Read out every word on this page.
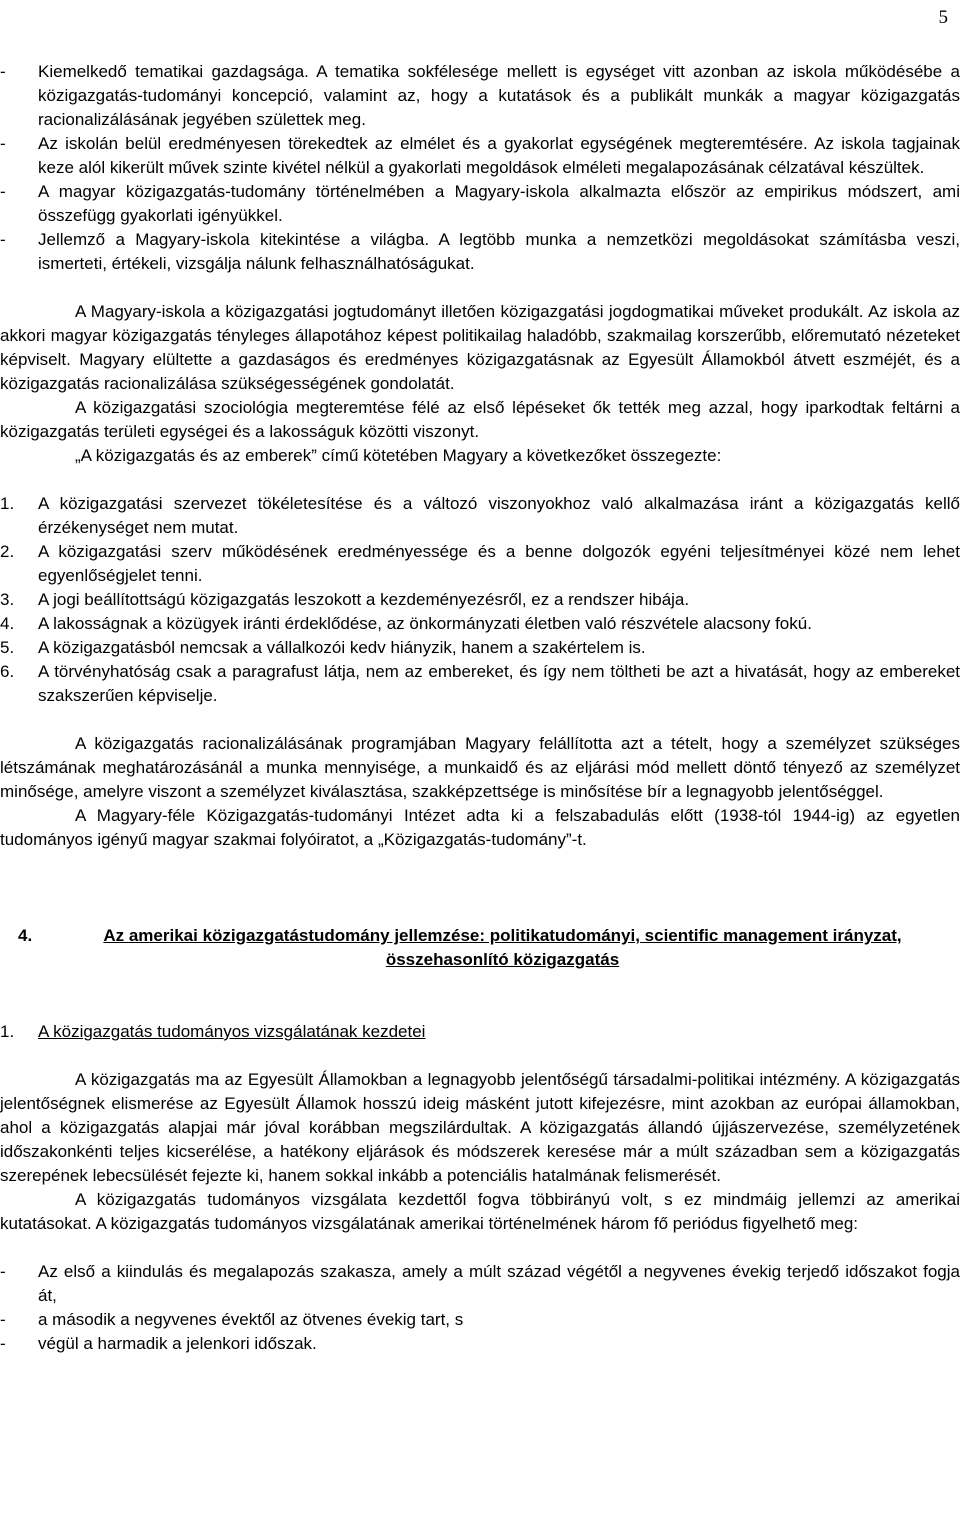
5
-	Kiemelkedő tematikai gazdagsága. A tematika sokfélesége mellett is egységet vitt azonban az iskola működésébe a közigazgatás-tudományi koncepció, valamint az, hogy a kutatások és a publikált munkák a magyar közigazgatás racionalizálásának jegyében születtek meg.
-	Az iskolán belül eredményesen törekedtek az elmélet és a gyakorlat egységének megteremtésére. Az iskola tagjainak keze alól kikerült művek szinte kivétel nélkül a gyakorlati megoldások elméleti megalapozásának célzatával készültek.
-	A magyar közigazgatás-tudomány történelmében a Magyary-iskola alkalmazta először az empirikus módszert, ami összefügg gyakorlati igényükkel.
-	Jellemző a Magyary-iskola kitekintése a világba. A legtöbb munka a nemzetközi megoldásokat számításba veszi, ismerteti, értékeli, vizsgálja nálunk felhasználhatóságukat.

A Magyary-iskola a közigazgatási jogtudományt illetően közigazgatási jogdogmatikai műveket produkált. Az iskola az akkori magyar közigazgatás tényleges állapotához képest politikailag haladóbb, szakmailag korszerűbb, előremutató nézeteket képviselt. Magyary elültette a gazdaságos és eredményes közigazgatásnak az Egyesült Államokból átvett eszméjét, és a közigazgatás racionalizálása szükségességének gondolatát.

A közigazgatási szociológia megteremtése félé az első lépéseket ők tették meg azzal, hogy iparkodtak feltárni a közigazgatás területi egységei és a lakosságuk közötti viszonyt.

„A közigazgatás és az emberek” című kötetében Magyary a következőket összegezte:

1.	A közigazgatási szervezet tökéletesítése és a változó viszonyokhoz való alkalmazása iránt a közigazgatás kellő érzékenységet nem mutat.
2.	A közigazgatási szerv működésének eredményessége és a benne dolgozók egyéni teljesítményei közé nem lehet egyenlőségjelet tenni.
3.	A jogi beállítottságú közigazgatás leszokott a kezdeményezésről, ez a rendszer hibája.
4.	A lakosságnak a közügyek iránti érdeklődése, az önkormányzati életben való részvétele alacsony fokú.
5.	A közigazgatásból nemcsak a vállalkozói kedv hiányzik, hanem a szakértelem is.
6.	A törvényhatóság csak a paragrafust látja, nem az embereket, és így nem töltheti be azt a hivatását, hogy az embereket szakszerűen képviselje.

A közigazgatás racionalizálásának programjában Magyary felállította azt a tételt, hogy a személyzet szükséges létszámának meghatározásánál a munka mennyisége, a munkaidő és az eljárási mód mellett döntő tényező az személyzet minősége, amelyre viszont a személyzet kiválasztása, szakképzettsége is minősítése bír a legnagyobb jelentőséggel.

A Magyary-féle Közigazgatás-tudományi Intézet adta ki a felszabadulás előtt (1938-tól 1944-ig) az egyetlen tudományos igényű magyar szakmai folyóiratot, a „Közigazgatás-tudomány”-t.

4.	Az amerikai közigazgatástudomány jellemzése: politikatudományi, scientific management irányzat, összehasonlító közigazgatás
1.	A közigazgatás tudományos vizsgálatának kezdetei

A közigazgatás ma az Egyesült Államokban a legnagyobb jelentőségű társadalmi-politikai intézmény. A közigazgatás jelentőségnek elismerése az Egyesült Államok hosszú ideig másként jutott kifejezésre, mint azokban az európai államokban, ahol a közigazgatás alapjai már jóval korábban megszilárdultak. A közigazgatás állandó újjászervezése, személyzetének időszakonkénti teljes kicserélése, a hatékony eljárások és módszerek keresése már a múlt században sem a közigazgatás szerepének lebecsülését fejezte ki, hanem sokkal inkább a potenciális hatalmának felismerését.

A közigazgatás tudományos vizsgálata kezdettől fogva többirányú volt, s ez mindmáig jellemzi az amerikai kutatásokat. A közigazgatás tudományos vizsgálatának amerikai történelmének három fő periódus figyelhető meg:

-	Az első a kiindulás és megalapozás szakasza, amely a múlt század végétől a negyvenes évekig terjedő időszakot fogja át,
-	a második a negyvenes évektől az ötvenes évekig tart, s
-	végül a harmadik a jelenkori időszak.
